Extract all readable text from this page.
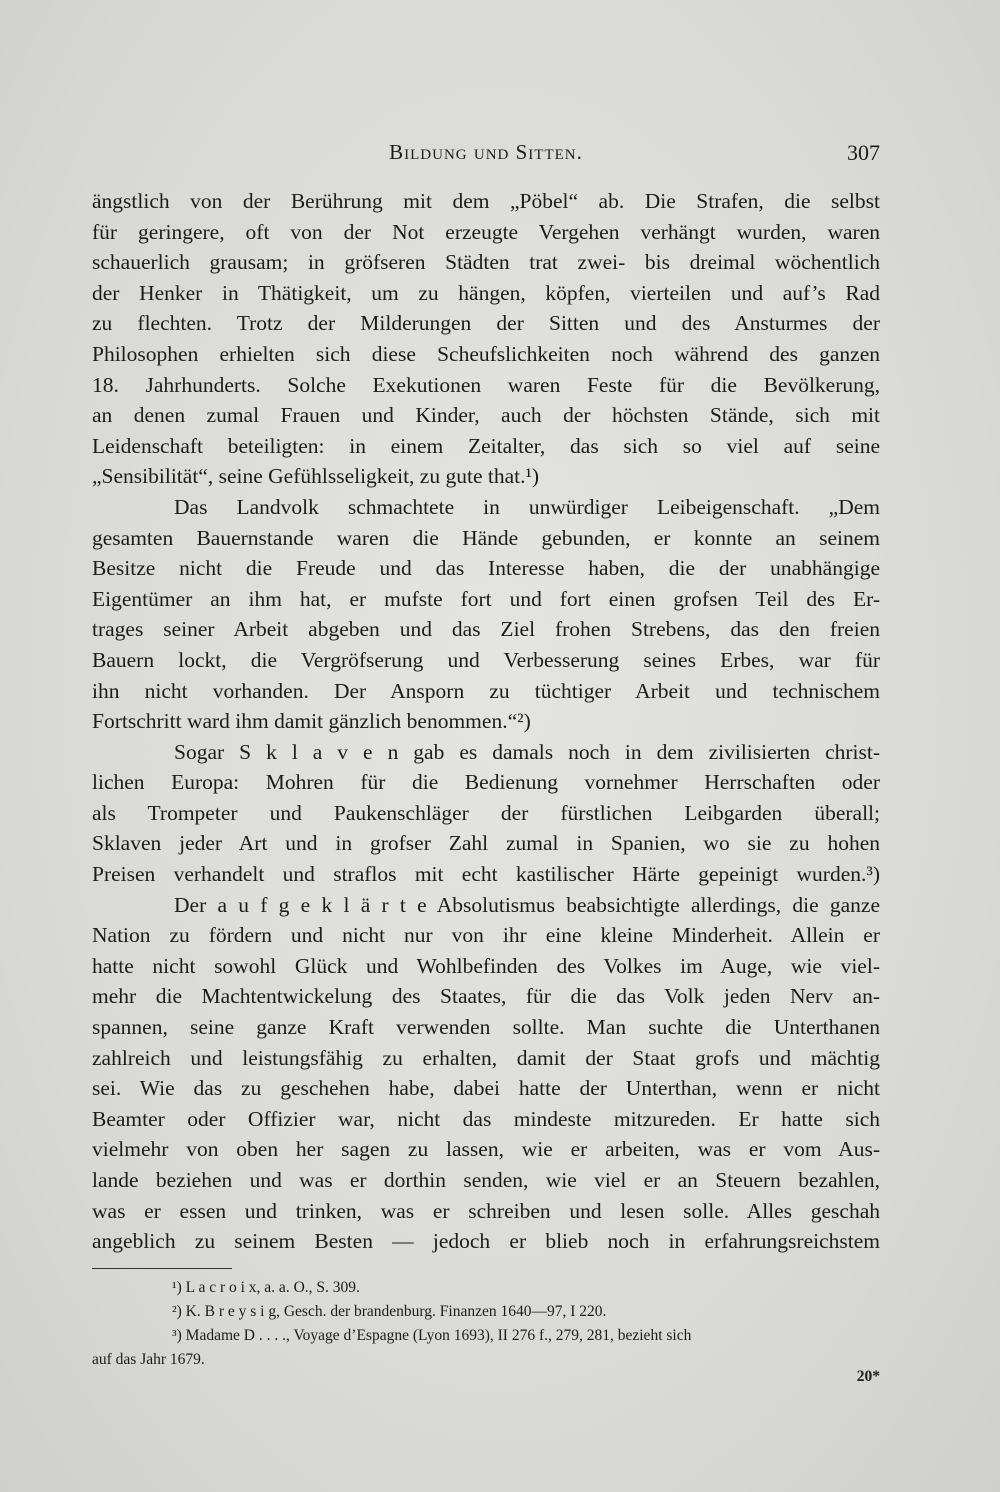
Bildung und Sitten.	307
ängstlich von der Berührung mit dem „Pöbel“ ab. Die Strafen, die selbst
für geringere, oft von der Not erzeugte Vergehen verhängt wurden, waren
schauerlich grausam; in gröfseren Städten trat zwei- bis dreimal wöchentlich
der Henker in Thätigkeit, um zu hängen, köpfen, vierteilen und auf’s Rad
zu flechten. Trotz der Milderungen der Sitten und des Ansturmes der
Philosophen erhielten sich diese Scheufslichkeiten noch während des ganzen
18. Jahrhunderts. Solche Exekutionen waren Feste für die Bevölkerung,
an denen zumal Frauen und Kinder, auch der höchsten Stände, sich mit
Leidenschaft beteiligten: in einem Zeitalter, das sich so viel auf seine
„Sensibilität“, seine Gefühlsseligkeit, zu gute that.¹)
Das Landvolk schmachtete in unwürdiger Leibeigenschaft. „Dem
gesamten Bauernstande waren die Hände gebunden, er konnte an seinem
Besitze nicht die Freude und das Interesse haben, die der unabhängige
Eigentümer an ihm hat, er mufste fort und fort einen grofsen Teil des Er-
trages seiner Arbeit abgeben und das Ziel frohen Strebens, das den freien
Bauern lockt, die Vergröfserung und Verbesserung seines Erbes, war für
ihn nicht vorhanden. Der Ansporn zu tüchtiger Arbeit und technischem
Fortschritt ward ihm damit gänzlich benommen.“²)
Sogar S k l a v e n gab es damals noch in dem zivilisierten christ-
lichen Europa: Mohren für die Bedienung vornehmer Herrschaften oder
als Trompeter und Paukenschläger der fürstlichen Leibgarden überall;
Sklaven jeder Art und in grofser Zahl zumal in Spanien, wo sie zu hohen
Preisen verhandelt und straflos mit echt kastilischer Härte gepeinigt wurden.³)
Der a u f g e k l ä r t e Absolutismus beabsichtigte allerdings, die ganze
Nation zu fördern und nicht nur von ihr eine kleine Minderheit. Allein er
hatte nicht sowohl Glück und Wohlbefinden des Volkes im Auge, wie viel-
mehr die Machtentwickelung des Staates, für die das Volk jeden Nerv an-
spannen, seine ganze Kraft verwenden sollte. Man suchte die Unterthanen
zahlreich und leistungsfähig zu erhalten, damit der Staat grofs und mächtig
sei. Wie das zu geschehen habe, dabei hatte der Unterthan, wenn er nicht
Beamter oder Offizier war, nicht das mindeste mitzureden. Er hatte sich
vielmehr von oben her sagen zu lassen, wie er arbeiten, was er vom Aus-
lande beziehen und was er dorthin senden, wie viel er an Steuern bezahlen,
was er essen und trinken, was er schreiben und lesen solle. Alles geschah
angeblich zu seinem Besten — jedoch er blieb noch in erfahrungsreichstem
¹) L a c r o i x, a. a. O., S. 309.
²) K. B r e y s i g, Gesch. der brandenburg. Finanzen 1640—97, I 220.
³) Madame D . . . ., Voyage d’Espagne (Lyon 1693), II 276 f., 279, 281, bezieht sich
auf das Jahr 1679.
20*
